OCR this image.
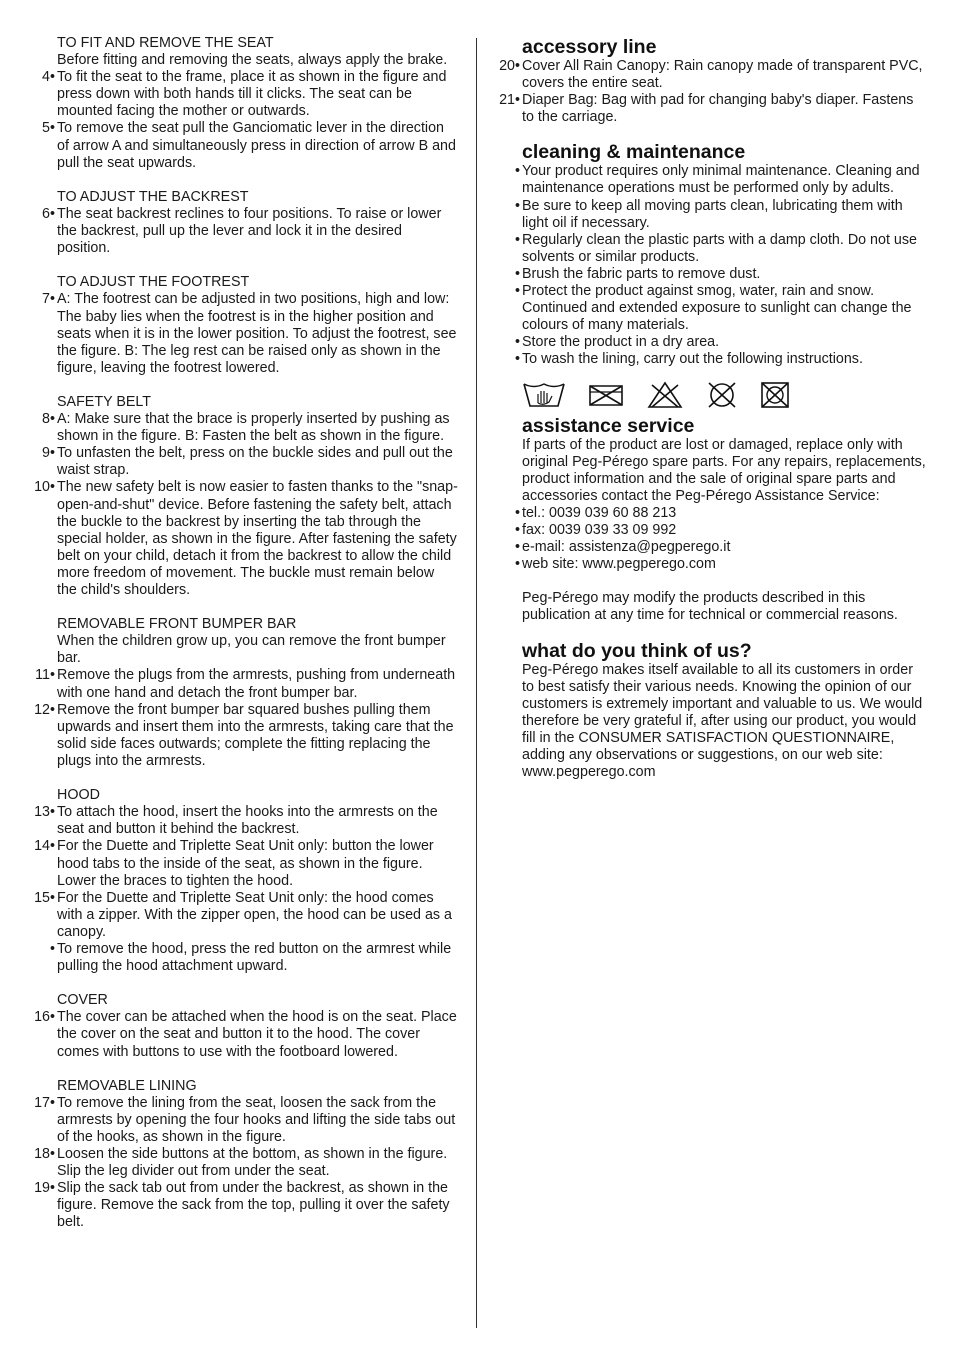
TO FIT AND REMOVE THE SEAT
Before fitting and removing the seats, always apply the brake.
4• To fit the seat to the frame, place it as shown in the figure and press down with both hands till it clicks. The seat can be mounted facing the mother or outwards.
5• To remove the seat pull the Ganciomatic lever in the direction of arrow A and simultaneously press in direction of arrow B and pull the seat upwards.
TO ADJUST THE BACKREST
6• The seat backrest reclines to four positions. To raise or lower the backrest, pull up the lever and lock it in the desired position.
TO ADJUST THE FOOTREST
7• A: The footrest can be adjusted in two positions, high and low: The baby lies when the footrest is in the higher position and seats when it is in the lower position. To adjust the footrest, see the figure. B: The leg rest can be raised only as shown in the figure, leaving the footrest lowered.
SAFETY BELT
8• A: Make sure that the brace is properly inserted by pushing as shown in the figure. B: Fasten the belt as shown in the figure.
9• To unfasten the belt, press on the buckle sides and pull out the waist strap.
10• The new safety belt is now easier to fasten thanks to the "snap-open-and-shut" device. Before fastening the safety belt, attach the buckle to the backrest by inserting the tab through the special holder, as shown in the figure. After fastening the safety belt on your child, detach it from the backrest to allow the child more freedom of movement. The buckle must remain below the child's shoulders.
REMOVABLE FRONT BUMPER BAR
When the children grow up, you can remove the front bumper bar.
11• Remove the plugs from the armrests, pushing from underneath with one hand and detach the front bumper bar.
12• Remove the front bumper bar squared bushes pulling them upwards and insert them into the armrests, taking care that the solid side faces outwards; complete the fitting replacing the plugs into the armrests.
HOOD
13• To attach the hood, insert the hooks into the armrests on the seat and button it behind the backrest.
14• For the Duette and Triplette Seat Unit only: button the lower hood tabs to the inside of the seat, as shown in the figure. Lower the braces to tighten the hood.
15• For the Duette and Triplette Seat Unit only: the hood comes with a zipper. With the zipper open, the hood can be used as a canopy.
• To remove the hood, press the red button on the armrest while pulling the hood attachment upward.
COVER
16• The cover can be attached when the hood is on the seat. Place the cover on the seat and button it to the hood. The cover comes with buttons to use with the footboard lowered.
REMOVABLE LINING
17• To remove the lining from the seat, loosen the sack from the armrests by opening the four hooks and lifting the side tabs out of the hooks, as shown in the figure.
18• Loosen the side buttons at the bottom, as shown in the figure. Slip the leg divider out from under the seat.
19• Slip the sack tab out from under the backrest, as shown in the figure. Remove the sack from the top, pulling it over the safety belt.
accessory line
20• Cover All Rain Canopy: Rain canopy made of transparent PVC, covers the entire seat.
21• Diaper Bag: Bag with pad for changing baby's diaper. Fastens to the carriage.
cleaning & maintenance
• Your product requires only minimal maintenance. Cleaning and maintenance operations must be performed only by adults.
• Be sure to keep all moving parts clean, lubricating them with light oil if necessary.
• Regularly clean the plastic parts with a damp cloth. Do not use solvents or similar products.
• Brush the fabric parts to remove dust.
• Protect the product against smog, water, rain and snow. Continued and extended exposure to sunlight can change the colours of many materials.
• Store the product in a dry area.
• To wash the lining, carry out the following instructions.
assistance service
If parts of the product are lost or damaged, replace only with original Peg-Pérego spare parts. For any repairs, replacements, product information and the sale of original spare parts and accessories contact the Peg-Pérego Assistance Service:
• tel.: 0039 039 60 88 213
• fax: 0039 039 33 09 992
• e-mail: assistenza@pegperego.it
• web site: www.pegperego.com
Peg-Pérego may modify the products described in this publication at any time for technical or commercial reasons.
what do you think of us?
Peg-Pérego makes itself available to all its customers in order to best satisfy their various needs. Knowing the opinion of our customers is extremely important and valuable to us. We would therefore be very grateful if, after using our product, you would fill in the CONSUMER SATISFACTION QUESTIONNAIRE, adding any observations or suggestions, on our web site: www.pegperego.com
